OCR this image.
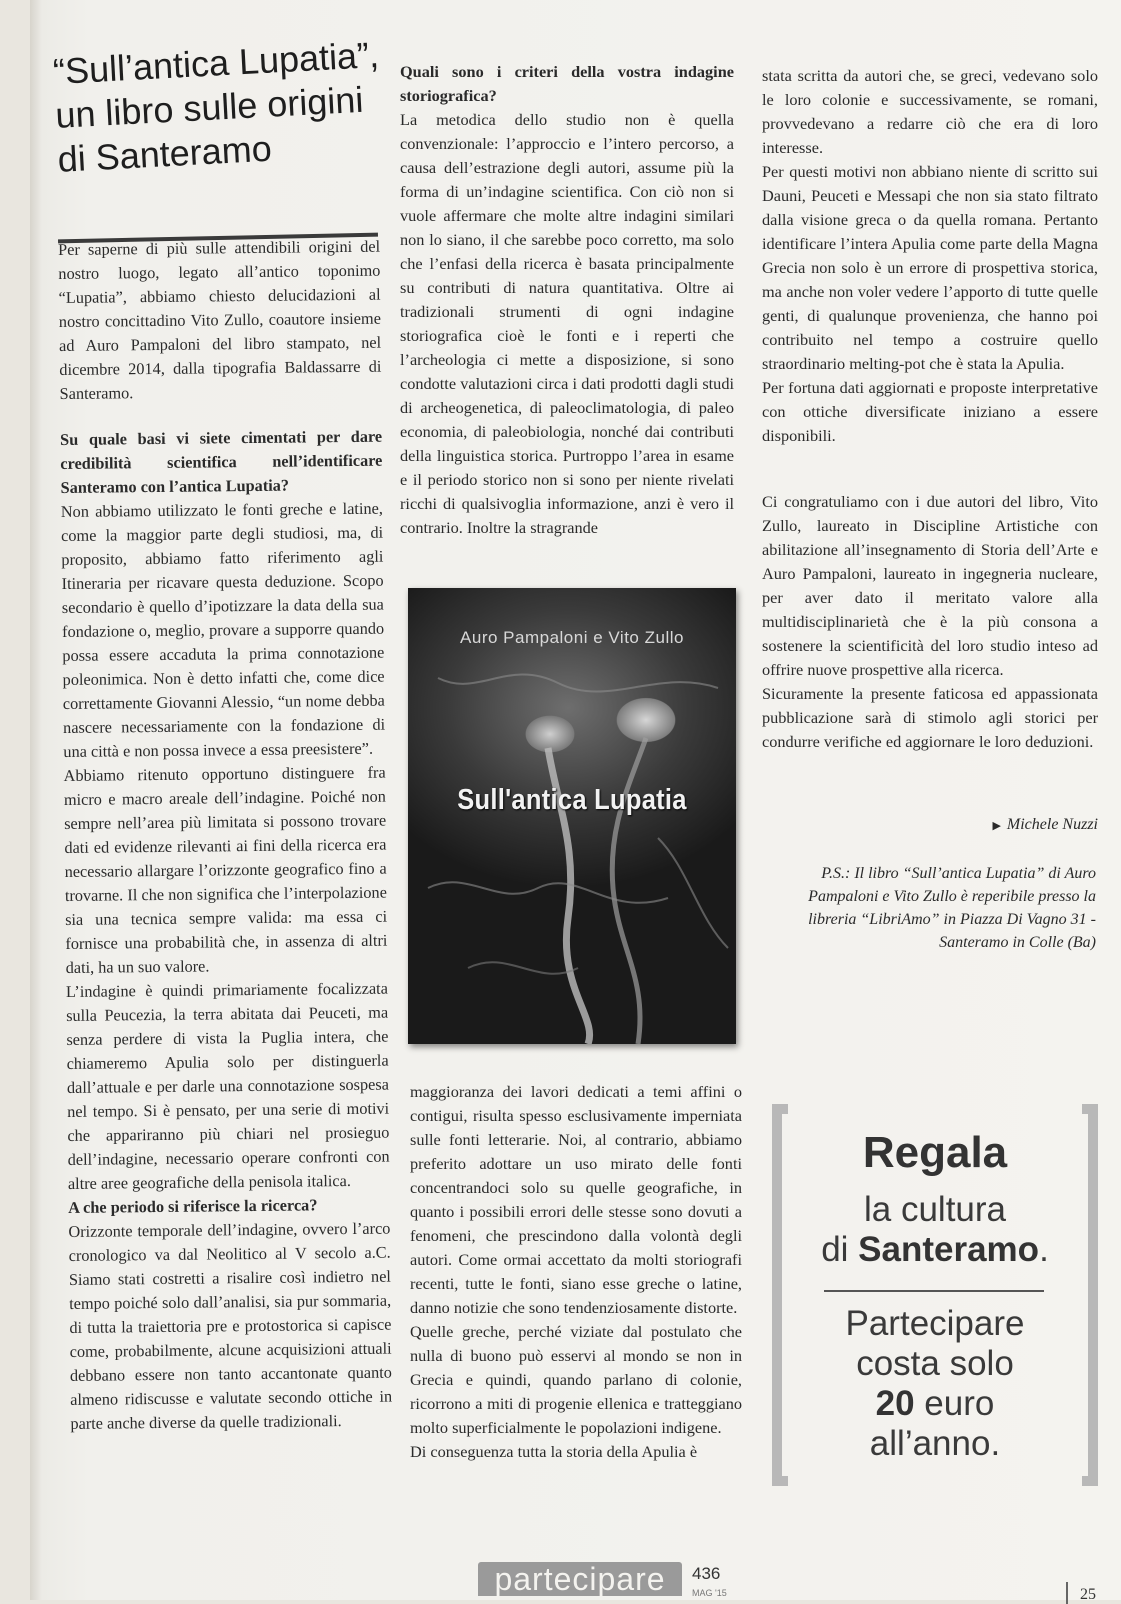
“Sull’antica Lupatia”,
un libro sulle origini
di Santeramo

Per saperne di più sulle attendibili origini del nostro luogo, legato all’antico toponimo “Lupatia”, abbiamo chiesto delucidazioni al nostro concittadino Vito Zullo, coautore insieme ad Auro Pampaloni del libro stampato, nel dicembre 2014, dalla tipografia Baldassarre di Santeramo.

Su quale basi vi siete cimentati per dare credibilità scientifica nell’identificare Santeramo con l’antica Lupatia?

Non abbiamo utilizzato le fonti greche e latine, come la maggior parte degli studiosi, ma, di proposito, abbiamo fatto riferimento agli Itineraria per ricavare questa deduzione. Scopo secondario è quello d’ipotizzare la data della sua fondazione o, meglio, provare a supporre quando possa essere accaduta la prima connotazione poleonimica. Non è detto infatti che, come dice correttamente Giovanni Alessio, “un nome debba nascere necessariamente con la fondazione di una città e non possa invece a essa preesistere”.

Abbiamo ritenuto opportuno distinguere fra micro e macro areale dell’indagine. Poiché non sempre nell’area più limitata si possono trovare dati ed evidenze rilevanti ai fini della ricerca era necessario allargare l’orizzonte geografico fino a trovarne. Il che non significa che l’interpolazione sia una tecnica sempre valida: ma essa ci fornisce una probabilità che, in assenza di altri dati, ha un suo valore.

L’indagine è quindi primariamente focalizzata sulla Peucezia, la terra abitata dai Peuceti, ma senza perdere di vista la Puglia intera, che chiameremo Apulia solo per distinguerla dall’attuale e per darle una connotazione sospesa nel tempo. Si è pensato, per una serie di motivi che appariranno più chiari nel prosieguo dell’indagine, necessario operare confronti con altre aree geografiche della penisola italica.

A che periodo si riferisce la ricerca?

Orizzonte temporale dell’indagine, ovvero l’arco cronologico va dal Neolitico al V secolo a.C. Siamo stati costretti a risalire così indietro nel tempo poiché solo dall’analisi, sia pur sommaria, di tutta la traiettoria pre e protostorica si capisce come, probabilmente, alcune acquisizioni attuali debbano essere non tanto accantonate quanto almeno ridiscusse e valutate secondo ottiche in parte anche diverse da quelle tradizionali.

Quali sono i criteri della vostra indagine storiografica?

La metodica dello studio non è quella convenzionale: l’approccio e l’intero percorso, a causa dell’estrazione degli autori, assume più la forma di un’indagine scientifica. Con ciò non si vuole affermare che molte altre indagini similari non lo siano, il che sarebbe poco corretto, ma solo che l’enfasi della ricerca è basata principalmente su contributi di natura quantitativa. Oltre ai tradizionali strumenti di ogni indagine storiografica cioè le fonti e i reperti che l’archeologia ci mette a disposizione, si sono condotte valutazioni circa i dati prodotti dagli studi di archeogenetica, di paleoclimatologia, di paleo economia, di paleobiologia, nonché dai contributi della linguistica storica. Purtroppo l’area in esame e il periodo storico non si sono per niente rivelati ricchi di qualsivoglia informazione, anzi è vero il contrario. Inoltre la stragrande

Auro Pampaloni e Vito Zullo
Sull'antica Lupatia

maggioranza dei lavori dedicati a temi affini o contigui, risulta spesso esclusivamente imperniata sulle fonti letterarie. Noi, al contrario, abbiamo preferito adottare un uso mirato delle fonti concentrandoci solo su quelle geografiche, in quanto i possibili errori delle stesse sono dovuti a fenomeni, che prescindono dalla volontà degli autori. Come ormai accettato da molti storiografi recenti, tutte le fonti, siano esse greche o latine, danno notizie che sono tendenziosamente distorte.

Quelle greche, perché viziate dal postulato che nulla di buono può esservi al mondo se non in Grecia e quindi, quando parlano di colonie, ricorrono a miti di progenie ellenica e tratteggiano molto superficialmente le popolazioni indigene.

Di conseguenza tutta la storia della Apulia è

stata scritta da autori che, se greci, vedevano solo le loro colonie e successivamente, se romani, provvedevano a redarre ciò che era di loro interesse.

Per questi motivi non abbiano niente di scritto sui Dauni, Peuceti e Messapi che non sia stato filtrato dalla visione greca o da quella romana. Pertanto identificare l’intera Apulia come parte della Magna Grecia non solo è un errore di prospettiva storica, ma anche non voler vedere l’apporto di tutte quelle genti, di qualunque provenienza, che hanno poi contribuito nel tempo a costruire quello straordinario melting-pot che è stata la Apulia.

Per fortuna dati aggiornati e proposte interpretative con ottiche diversificate iniziano a essere disponibili.

Ci congratuliamo con i due autori del libro, Vito Zullo, laureato in Discipline Artistiche con abilitazione all’insegnamento di Storia dell’Arte e Auro Pampaloni, laureato in ingegneria nucleare, per aver dato il meritato valore alla multidisciplinarietà che è la più consona a sostenere la scientificità del loro studio inteso ad offrire nuove prospettive alla ricerca.

Sicuramente la presente faticosa ed appassionata pubblicazione sarà di stimolo agli storici per condurre verifiche ed aggiornare le loro deduzioni.

▶ Michele Nuzzi
P.S.: Il libro “Sull’antica Lupatia” di Auro Pampaloni e Vito Zullo è reperibile presso la libreria “LibriAmo” in Piazza Di Vagno 31 - Santeramo in Colle (Ba)
Regala
la cultura
di Santeramo.
Partecipare
costa solo
20 euro
all’anno.
partecipare	436
MAG '15	25
